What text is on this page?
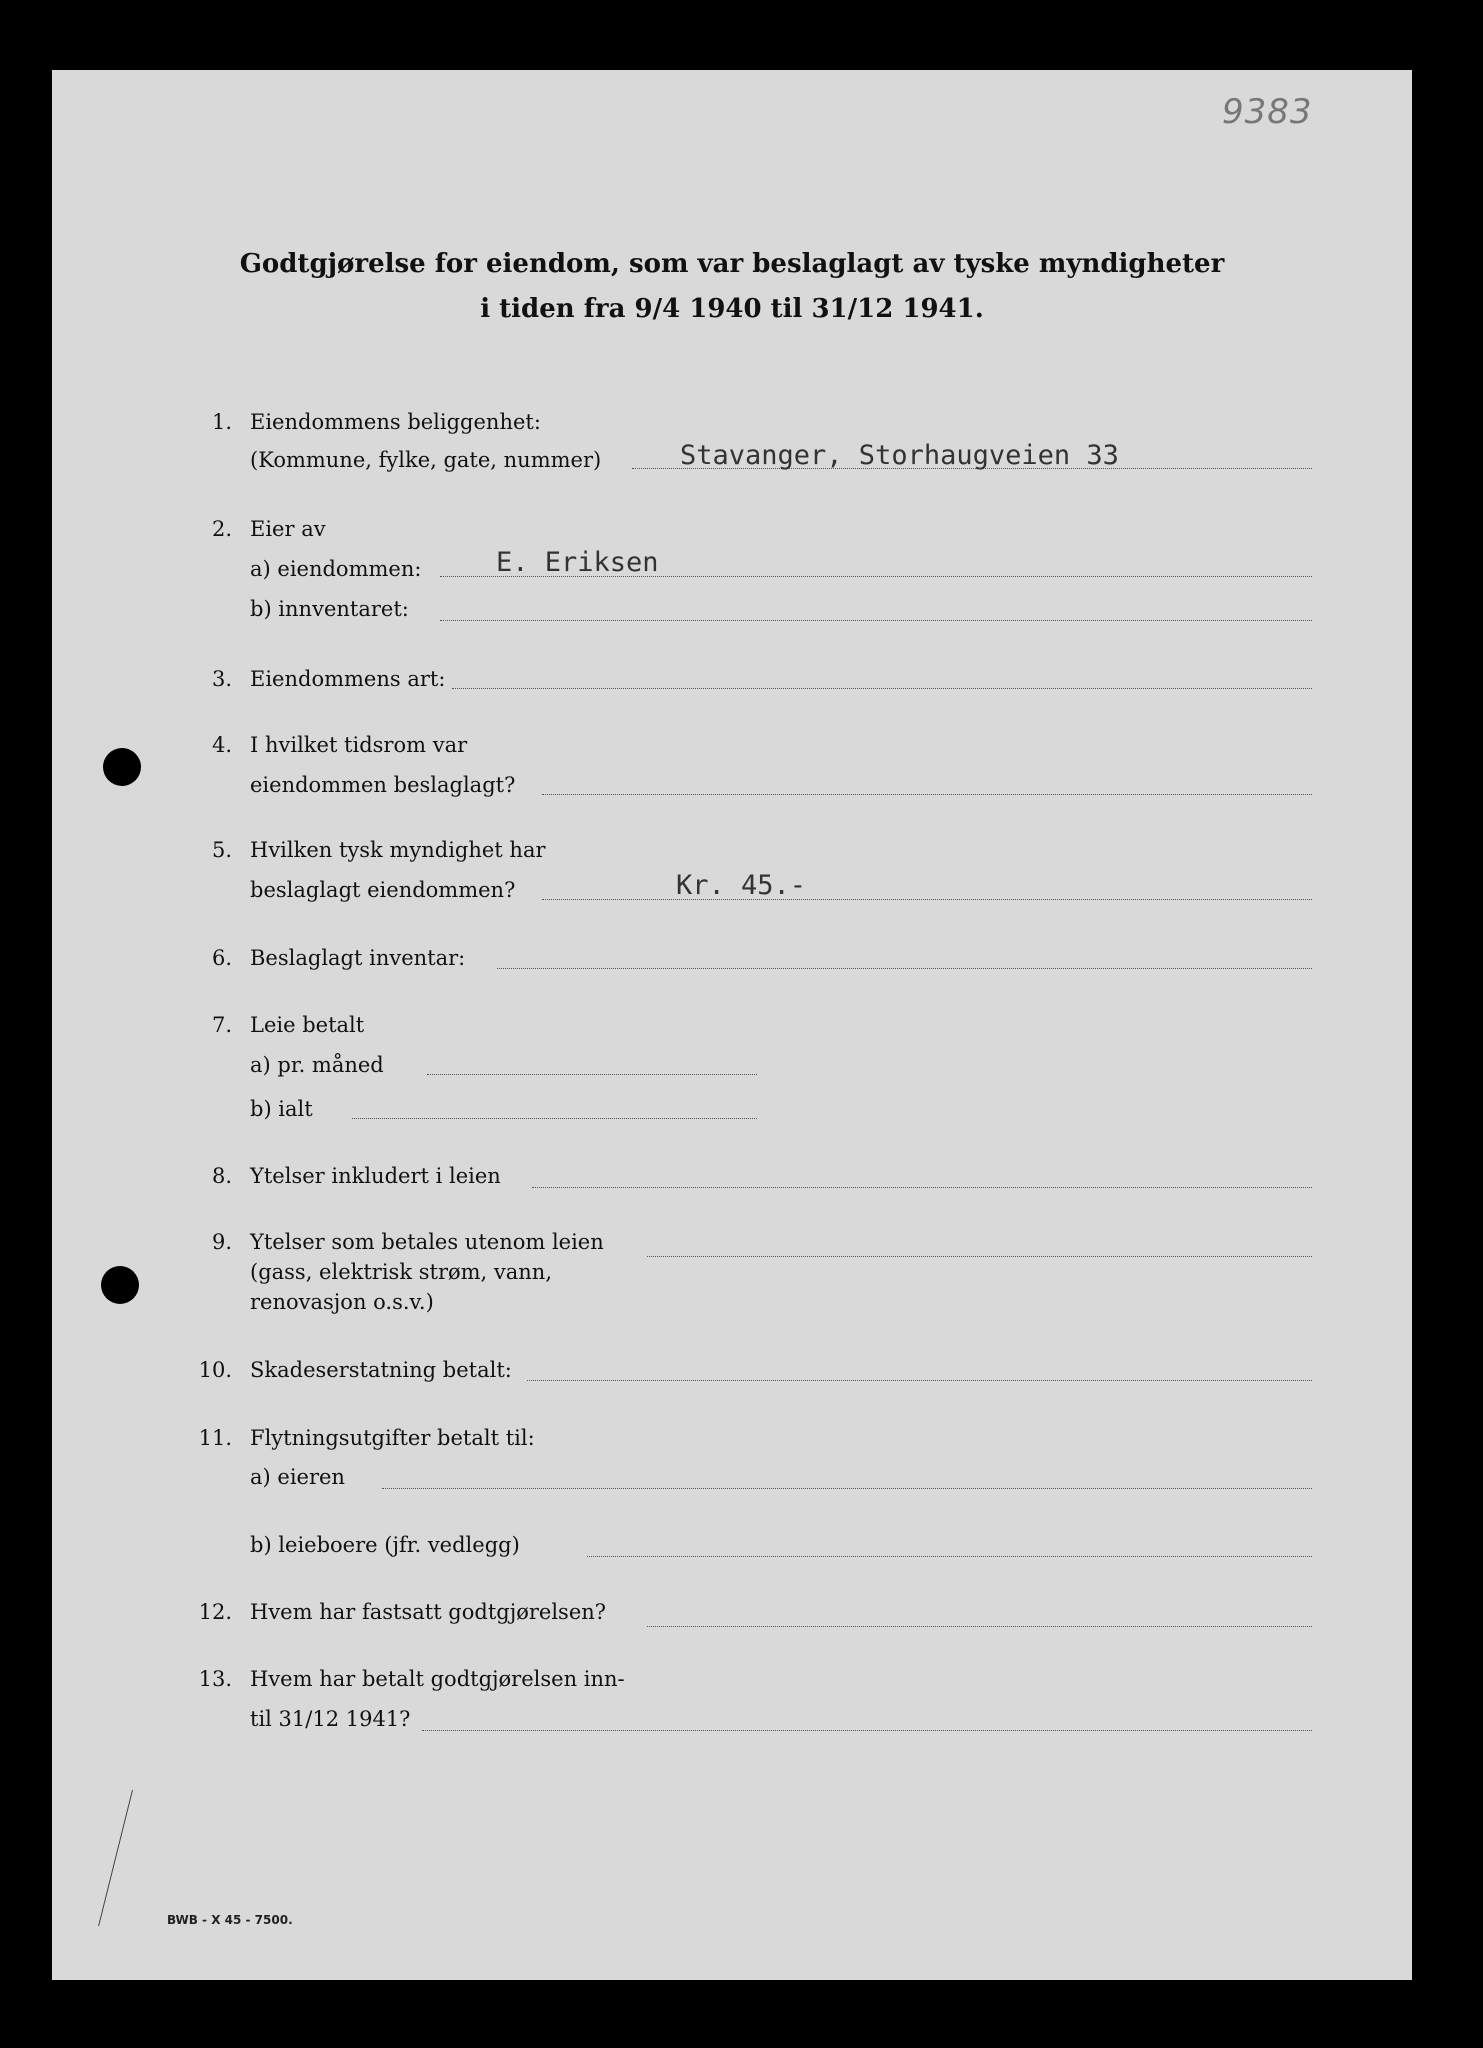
9383
Godtgjørelse for eiendom, som var beslaglagt av tyske myndigheter
i tiden fra 9/4 1940 til 31/12 1941.
1. Eiendommens beliggenhet:
(Kommune, fylke, gate, nummer)	Stavanger, Storhaugveien 33
2. Eier av
a) eiendommen:	E. Eriksen
b) innventaret:
3. Eiendommens art:
4. I hvilket tidsrom var
eiendommen beslaglagt?
5. Hvilken tysk myndighet har
beslaglagt eiendommen?	Kr. 45.-
6. Beslaglagt inventar:
7. Leie betalt
a) pr. måned
b) ialt
8. Ytelser inkludert i leien
9. Ytelser som betales utenom leien
(gass, elektrisk strøm, vann,
renovasjon o.s.v.)
10. Skadeserstatning betalt:
11. Flytningsutgifter betalt til:
a) eieren
b) leieboere (jfr. vedlegg)
12. Hvem har fastsatt godtgjørelsen?
13. Hvem har betalt godtgjørelsen inn-
til 31/12 1941?
BWB - X 45 - 7500.
